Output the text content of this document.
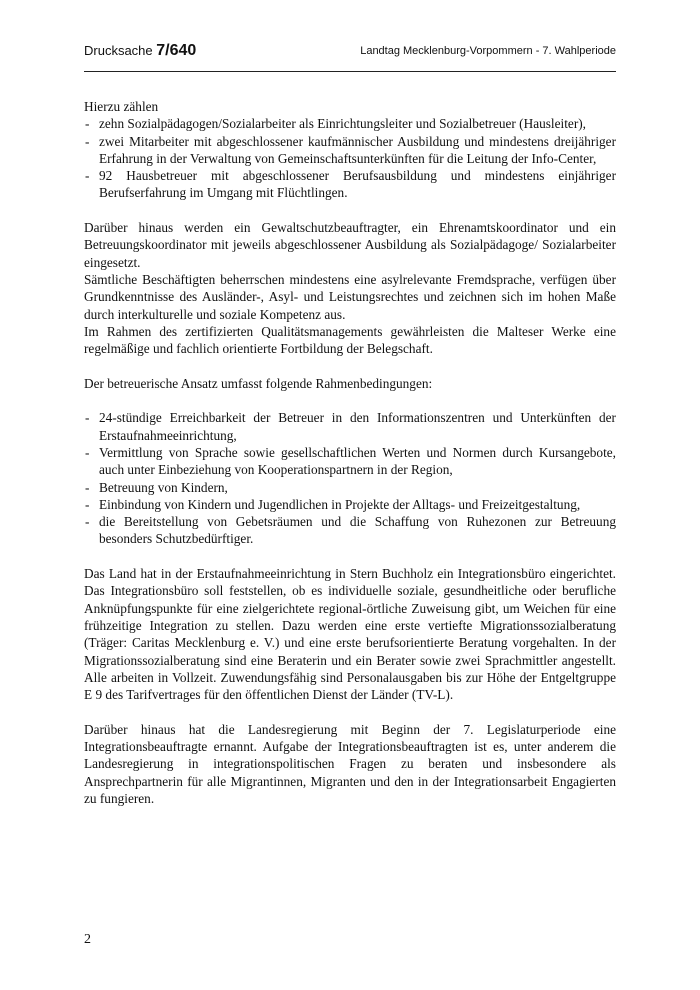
Drucksache 7/640	Landtag Mecklenburg-Vorpommern - 7. Wahlperiode

Hierzu zählen

- zehn Sozialpädagogen/Sozialarbeiter als Einrichtungsleiter und Sozialbetreuer (Hausleiter),
- zwei Mitarbeiter mit abgeschlossener kaufmännischer Ausbildung und mindestens dreijähriger Erfahrung in der Verwaltung von Gemeinschaftsunterkünften für die Leitung der Info-Center,
- 92 Hausbetreuer mit abgeschlossener Berufsausbildung und mindestens einjähriger Berufserfahrung im Umgang mit Flüchtlingen.

Darüber hinaus werden ein Gewaltschutzbeauftragter, ein Ehrenamtskoordinator und ein Betreuungskoordinator mit jeweils abgeschlossener Ausbildung als Sozialpädagoge/ Sozialarbeiter eingesetzt.

Sämtliche Beschäftigten beherrschen mindestens eine asylrelevante Fremdsprache, verfügen über Grundkenntnisse des Ausländer-, Asyl- und Leistungsrechtes und zeichnen sich im hohen Maße durch interkulturelle und soziale Kompetenz aus.

Im Rahmen des zertifizierten Qualitätsmanagements gewährleisten die Malteser Werke eine regelmäßige und fachlich orientierte Fortbildung der Belegschaft.

Der betreuerische Ansatz umfasst folgende Rahmenbedingungen:

- 24-stündige Erreichbarkeit der Betreuer in den Informationszentren und Unterkünften der Erstaufnahmeeinrichtung,
- Vermittlung von Sprache sowie gesellschaftlichen Werten und Normen durch Kursangebote, auch unter Einbeziehung von Kooperationspartnern in der Region,
- Betreuung von Kindern,
- Einbindung von Kindern und Jugendlichen in Projekte der Alltags- und Freizeitgestaltung,
- die Bereitstellung von Gebetsräumen und die Schaffung von Ruhezonen zur Betreuung besonders Schutzbedürftiger.

Das Land hat in der Erstaufnahmeeinrichtung in Stern Buchholz ein Integrationsbüro eingerichtet. Das Integrationsbüro soll feststellen, ob es individuelle soziale, gesundheitliche oder berufliche Anknüpfungspunkte für eine zielgerichtete regional-örtliche Zuweisung gibt, um Weichen für eine frühzeitige Integration zu stellen. Dazu werden eine erste vertiefte Migrationssozialberatung (Träger: Caritas Mecklenburg e. V.) und eine erste berufsorientierte Beratung vorgehalten. In der Migrationssozialberatung sind eine Beraterin und ein Berater sowie zwei Sprachmittler angestellt. Alle arbeiten in Vollzeit. Zuwendungsfähig sind Personalausgaben bis zur Höhe der Entgeltgruppe E 9 des Tarifvertrages für den öffentlichen Dienst der Länder (TV-L).

Darüber hinaus hat die Landesregierung mit Beginn der 7. Legislaturperiode eine Integrationsbeauftragte ernannt. Aufgabe der Integrationsbeauftragten ist es, unter anderem die Landesregierung in integrationspolitischen Fragen zu beraten und insbesondere als Ansprechpartnerin für alle Migrantinnen, Migranten und den in der Integrationsarbeit Engagierten zu fungieren.

2
